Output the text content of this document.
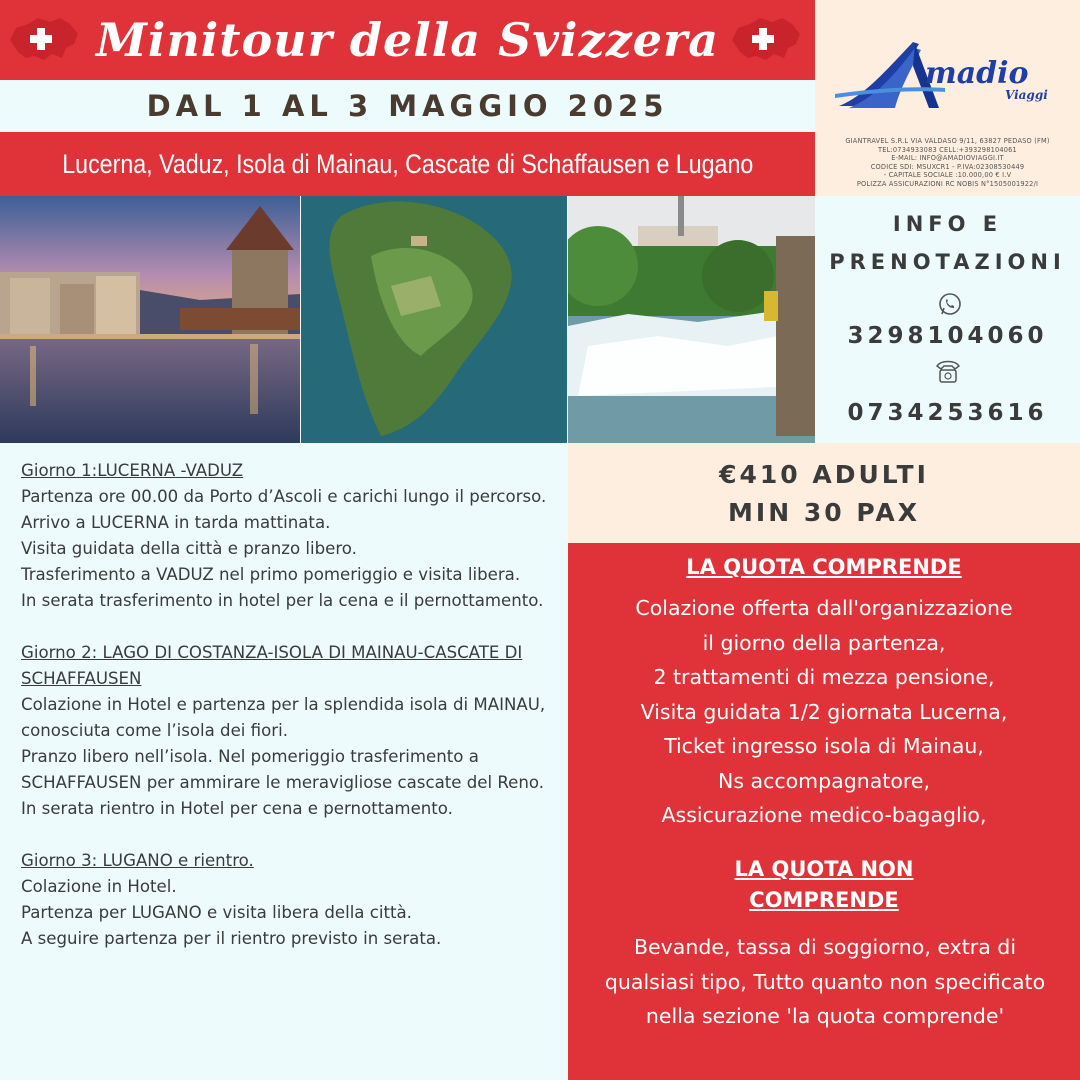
Minitour della Svizzera
DAL 1 AL 3 MAGGIO 2025
Lucerna, Vaduz, Isola di Mainau, Cascate di Schaffausen e Lugano
madio
Viaggi
GIANTRAVEL S.R.L VIA VALDASO 9/11, 63827 PEDASO (FM)
TEL:0734933083 CELL:+393298104061
E-MAIL: INFO@AMADIOVIAGGI.IT
CODICE SDI: MSUXCR1 - P.IVA:02308530449
- CAPITALE SOCIALE :10.000,00 € I.V
POLIZZA ASSICURAZIONI RC NOBIS N°1505001922/I
INFO E
PRENOTAZIONI
3298104060
0734253616
Giorno 1:LUCERNA -VADUZ

Partenza ore 00.00 da Porto d’Ascoli e carichi lungo il percorso. Arrivo a LUCERNA in tarda mattinata.
Visita guidata della città e pranzo libero.
Trasferimento a VADUZ nel primo pomeriggio e visita libera.
In serata trasferimento in hotel per la cena e il pernottamento.

Giorno 2: LAGO DI COSTANZA-ISOLA DI MAINAU-CASCATE DI SCHAFFAUSEN

Colazione in Hotel e partenza per la splendida isola di MAINAU, conosciuta come l’isola dei fiori.
Pranzo libero nell’isola. Nel pomeriggio trasferimento a SCHAFFAUSEN per ammirare le meravigliose cascate del Reno. In serata rientro in Hotel per cena e pernottamento.

Giorno 3: LUGANO e rientro.

Colazione in Hotel.
Partenza per LUGANO e visita libera della città.
A seguire partenza per il rientro previsto in serata.

€410 ADULTI
MIN 30 PAX
LA QUOTA COMPRENDE
Colazione offerta dall'organizzazione
il giorno della partenza,
2 trattamenti di mezza pensione,
Visita guidata 1/2 giornata Lucerna,
Ticket ingresso isola di Mainau,
Ns accompagnatore,
Assicurazione medico-bagaglio,
LA QUOTA NON
COMPRENDE
Bevande, tassa di soggiorno, extra di qualsiasi tipo, Tutto quanto non specificato nella sezione 'la quota comprende'
